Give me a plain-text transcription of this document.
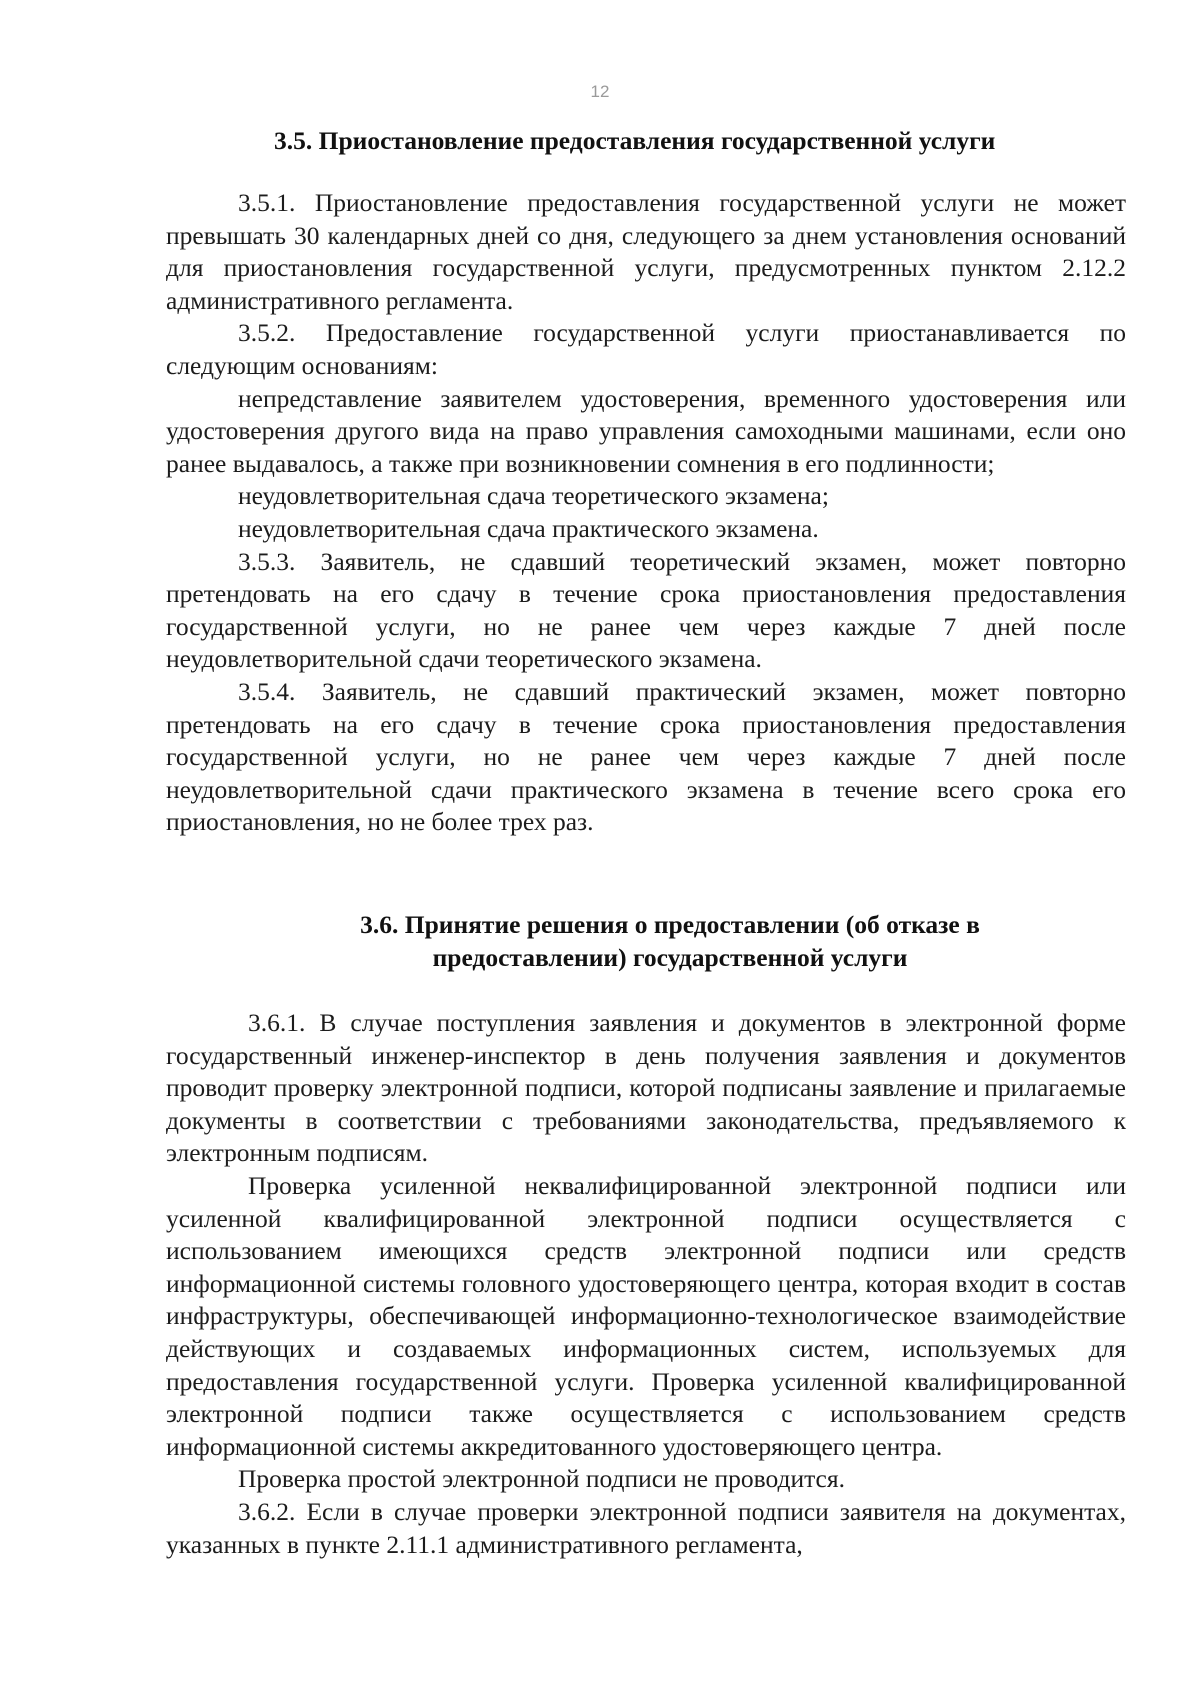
12
3.5. Приостановление предоставления государственной услуги

3.5.1. Приостановление предоставления государственной услуги не может превышать 30 календарных дней со дня, следующего за днем установления оснований для приостановления государственной услуги, предусмотренных пунктом 2.12.2 административного регламента.

3.5.2. Предоставление государственной услуги приостанавливается по следующим основаниям:

непредставление заявителем удостоверения, временного удостоверения или удостоверения другого вида на право управления самоходными машинами, если оно ранее выдавалось, а также при возникновении сомнения в его подлинности;

неудовлетворительная сдача теоретического экзамена;

неудовлетворительная сдача практического экзамена.

3.5.3. Заявитель, не сдавший теоретический экзамен, может повторно претендовать на его сдачу в течение срока приостановления предоставления государственной услуги, но не ранее чем через каждые 7 дней после неудовлетворительной сдачи теоретического экзамена.

3.5.4. Заявитель, не сдавший практический экзамен, может повторно претендовать на его сдачу в течение срока приостановления предоставления государственной услуги, но не ранее чем через каждые 7 дней после неудовлетворительной сдачи практического экзамена в течение всего срока его приостановления, но не более трех раз.

3.6. Принятие решения о предоставлении (об отказе в
предоставлении) государственной услуги

3.6.1. В случае поступления заявления и документов в электронной форме государственный инженер-инспектор в день получения заявления и документов проводит проверку электронной подписи, которой подписаны заявление и прилагаемые документы в соответствии с требованиями законодательства, предъявляемого к электронным подписям.

Проверка усиленной неквалифицированной электронной подписи или усиленной квалифицированной электронной подписи осуществляется с использованием имеющихся средств электронной подписи или средств информационной системы головного удостоверяющего центра, которая входит в состав инфраструктуры, обеспечивающей информационно-технологическое взаимодействие действующих и создаваемых информационных систем, используемых для предоставления государственной услуги. Проверка усиленной квалифицированной электронной подписи также осуществляется с использованием средств информационной системы аккредитованного удостоверяющего центра.

Проверка простой электронной подписи не проводится.

3.6.2. Если в случае проверки электронной подписи заявителя на документах, указанных в пункте 2.11.1 административного регламента,
